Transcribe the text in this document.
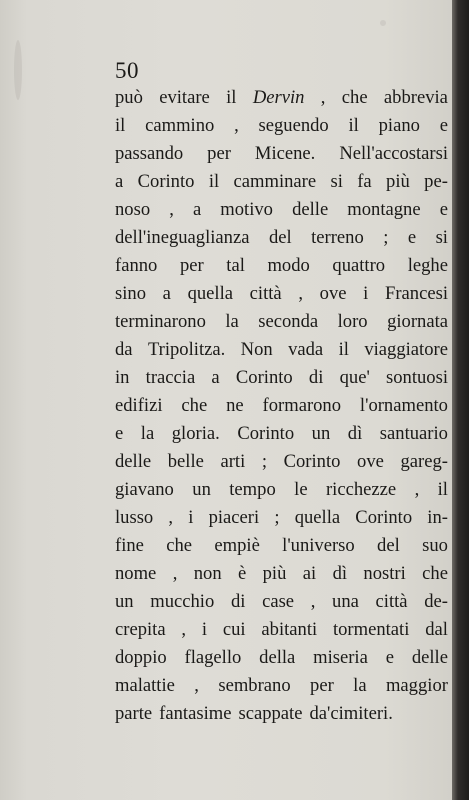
50
può evitare il Dervin , che abbrevia
il cammino , seguendo il piano e
passando per Micene. Nell'accostarsi
a Corinto il camminare si fa più pe-
noso , a motivo delle montagne e
dell'ineguaglianza del terreno ; e si
fanno per tal modo quattro leghe
sino a quella città , ove i Francesi
terminarono la seconda loro giornata
da Tripolitza. Non vada il viaggiatore
in traccia a Corinto di que' sontuosi
edifizi che ne formarono l'ornamento
e la gloria. Corinto un dì santuario
delle belle arti ; Corinto ove gareg-
giavano un tempo le ricchezze , il
lusso , i piaceri ; quella Corinto in-
fine che empiè l'universo del suo
nome , non è più ai dì nostri che
un mucchio di case , una città de-
crepita , i cui abitanti tormentati dal
doppio flagello della miseria e delle
malattie , sembrano per la maggior
parte fantasime scappate da'cimiteri.
